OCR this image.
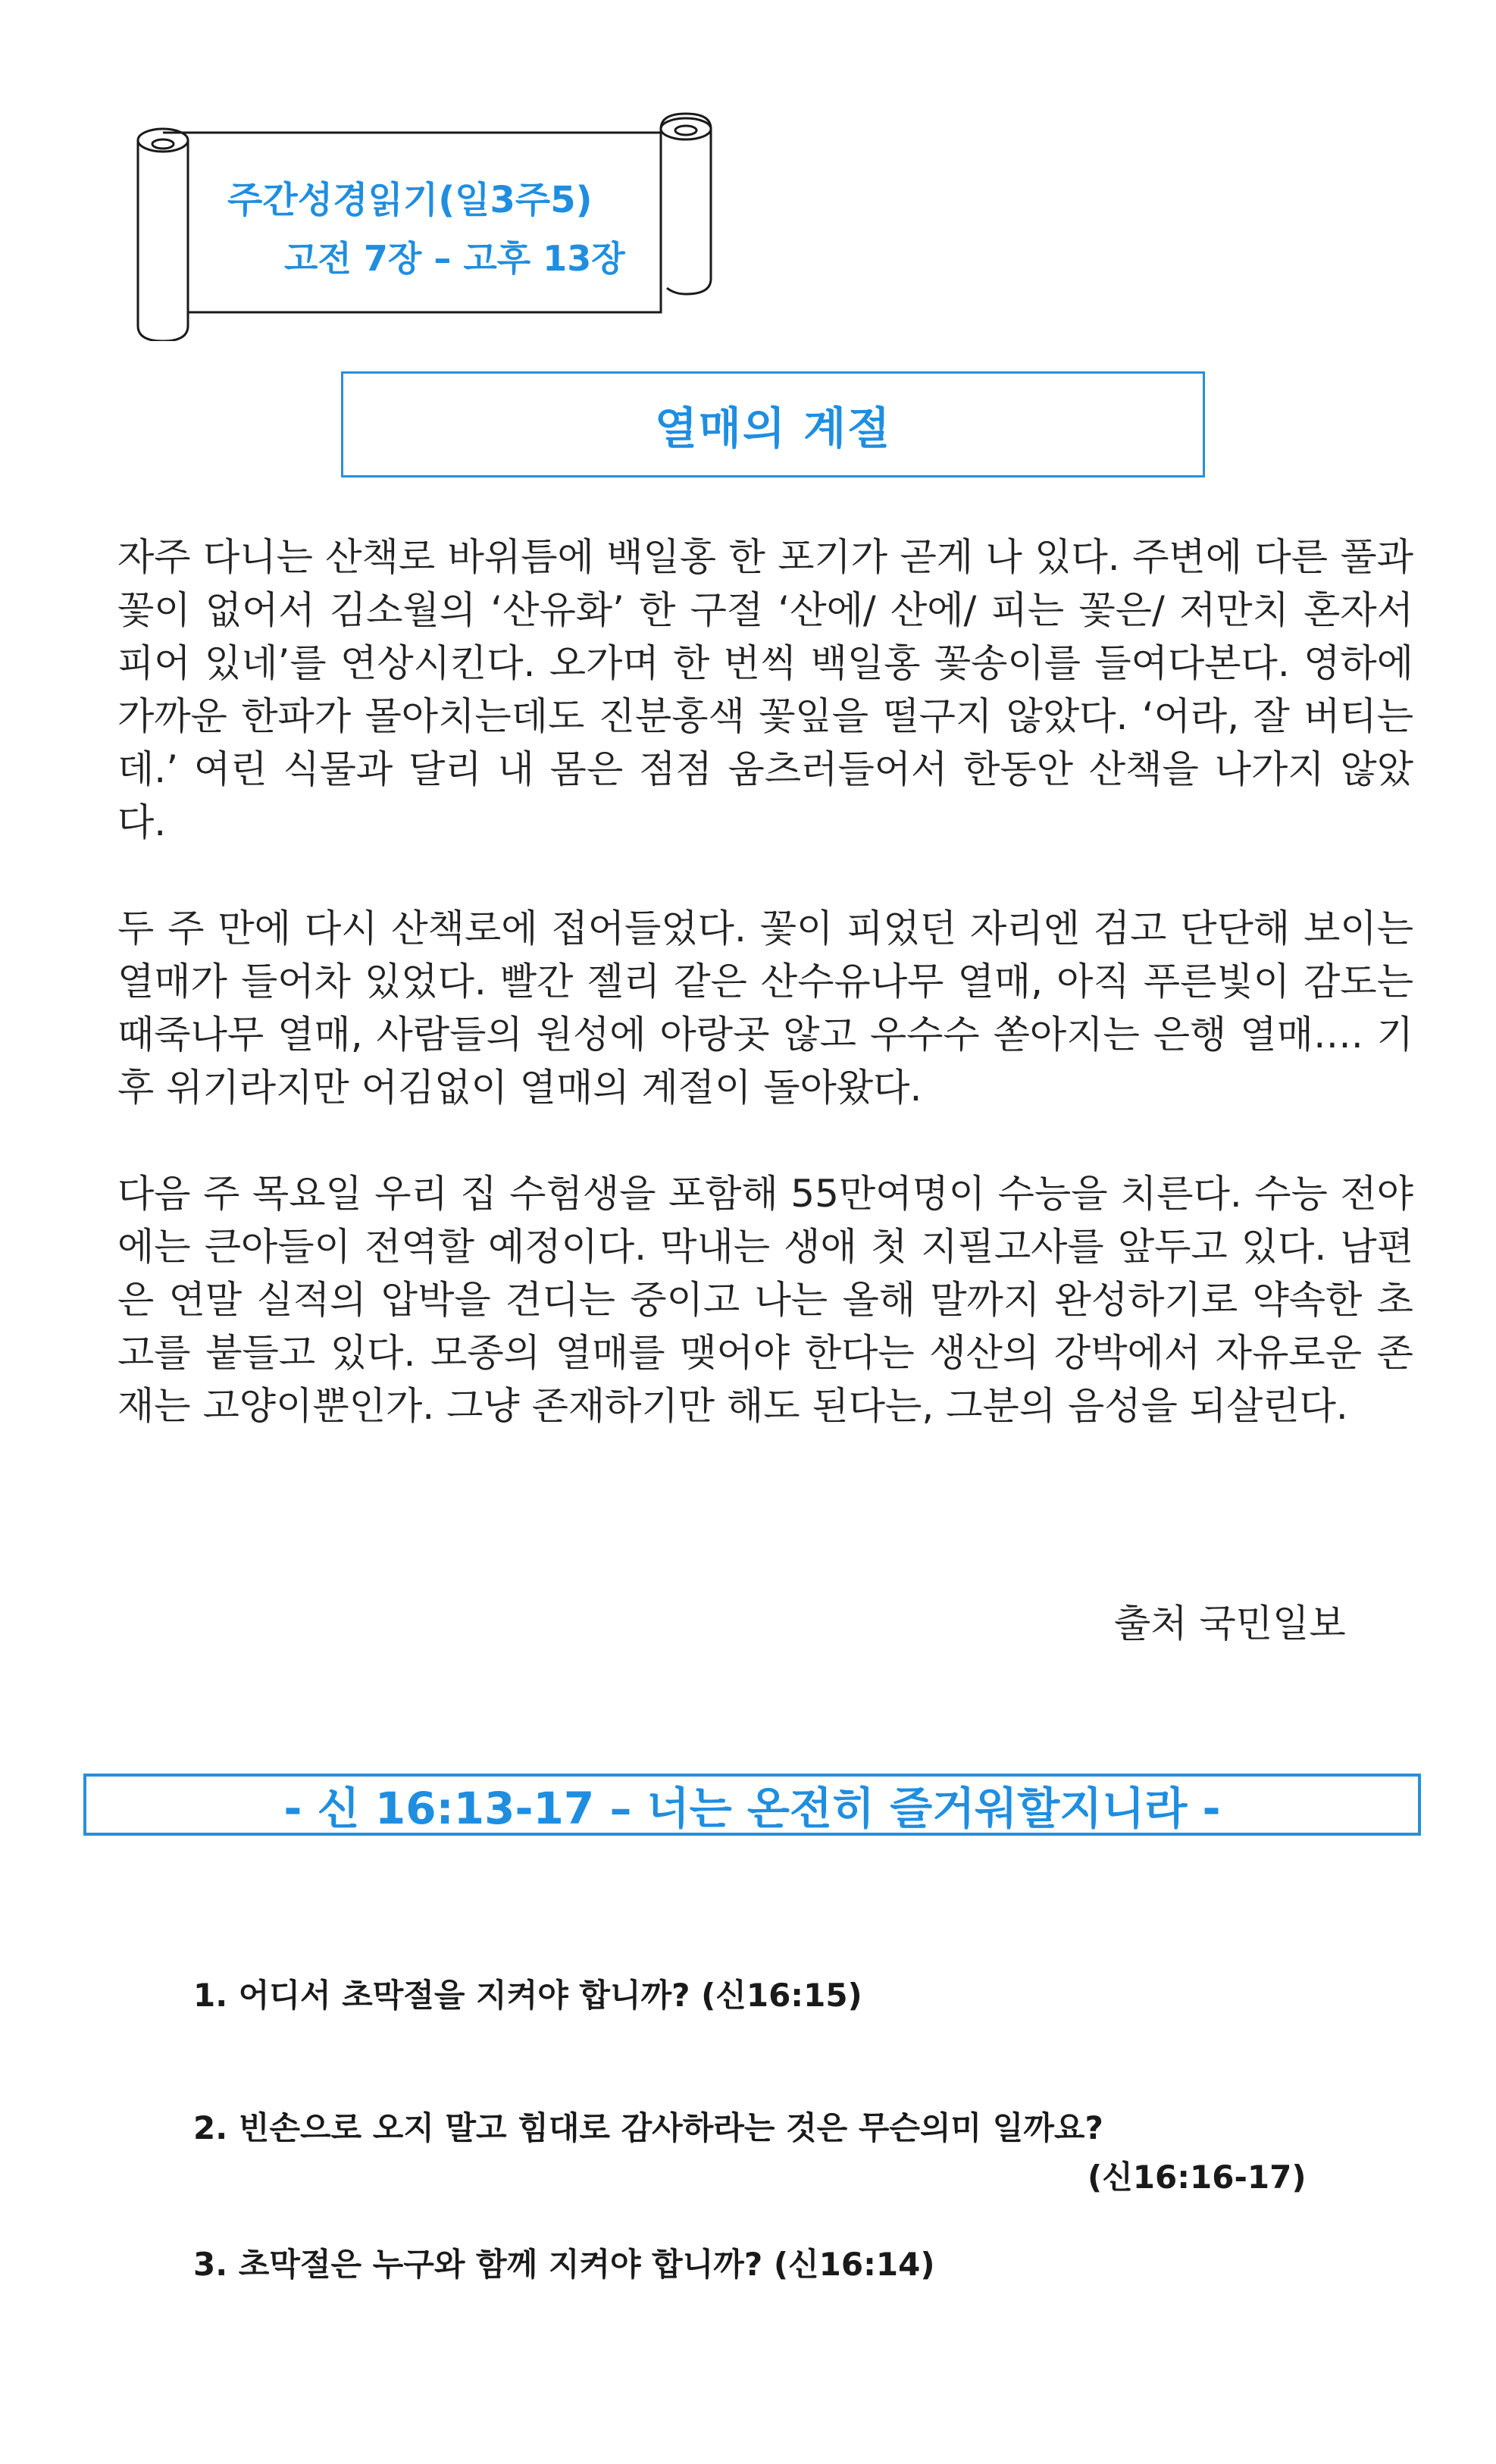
주간성경읽기(일3주5)
고전 7장 – 고후 13장
열매의 계절

자주 다니는 산책로 바위틈에 백일홍 한 포기가 곧게 나 있다. 주변에 다른 풀과 꽃이 없어서 김소월의 ‘산유화’ 한 구절 ‘산에/ 산에/ 피는 꽃은/ 저만치 혼자서 피어 있네’를 연상시킨다. 오가며 한 번씩 백일홍 꽃송이를 들여다본다. 영하에 가까운 한파가 몰아치는데도 진분홍색 꽃잎을 떨구지 않았다. ‘어라, 잘 버티는데.’ 여린 식물과 달리 내 몸은 점점 움츠러들어서 한동안 산책을 나가지 않았다.

두 주 만에 다시 산책로에 접어들었다. 꽃이 피었던 자리엔 검고 단단해 보이는 열매가 들어차 있었다. 빨간 젤리 같은 산수유나무 열매, 아직 푸른빛이 감도는 때죽나무 열매, 사람들의 원성에 아랑곳 않고 우수수 쏟아지는 은행 열매…. 기후 위기라지만 어김없이 열매의 계절이 돌아왔다.

다음 주 목요일 우리 집 수험생을 포함해 55만여명이 수능을 치른다. 수능 전야에는 큰아들이 전역할 예정이다. 막내는 생애 첫 지필고사를 앞두고 있다. 남편은 연말 실적의 압박을 견디는 중이고 나는 올해 말까지 완성하기로 약속한 초고를 붙들고 있다. 모종의 열매를 맺어야 한다는 생산의 강박에서 자유로운 존재는 고양이뿐인가. 그냥 존재하기만 해도 된다는, 그분의 음성을 되살린다.

출처 국민일보
- 신 16:13-17 – 너는 온전히 즐거워할지니라 -
1. 어디서 초막절을 지켜야 합니까? (신16:15)
2. 빈손으로 오지 말고 힘대로 감사하라는 것은 무슨의미 일까요?
(신16:16-17)
3. 초막절은 누구와 함께 지켜야 합니까? (신16:14)
